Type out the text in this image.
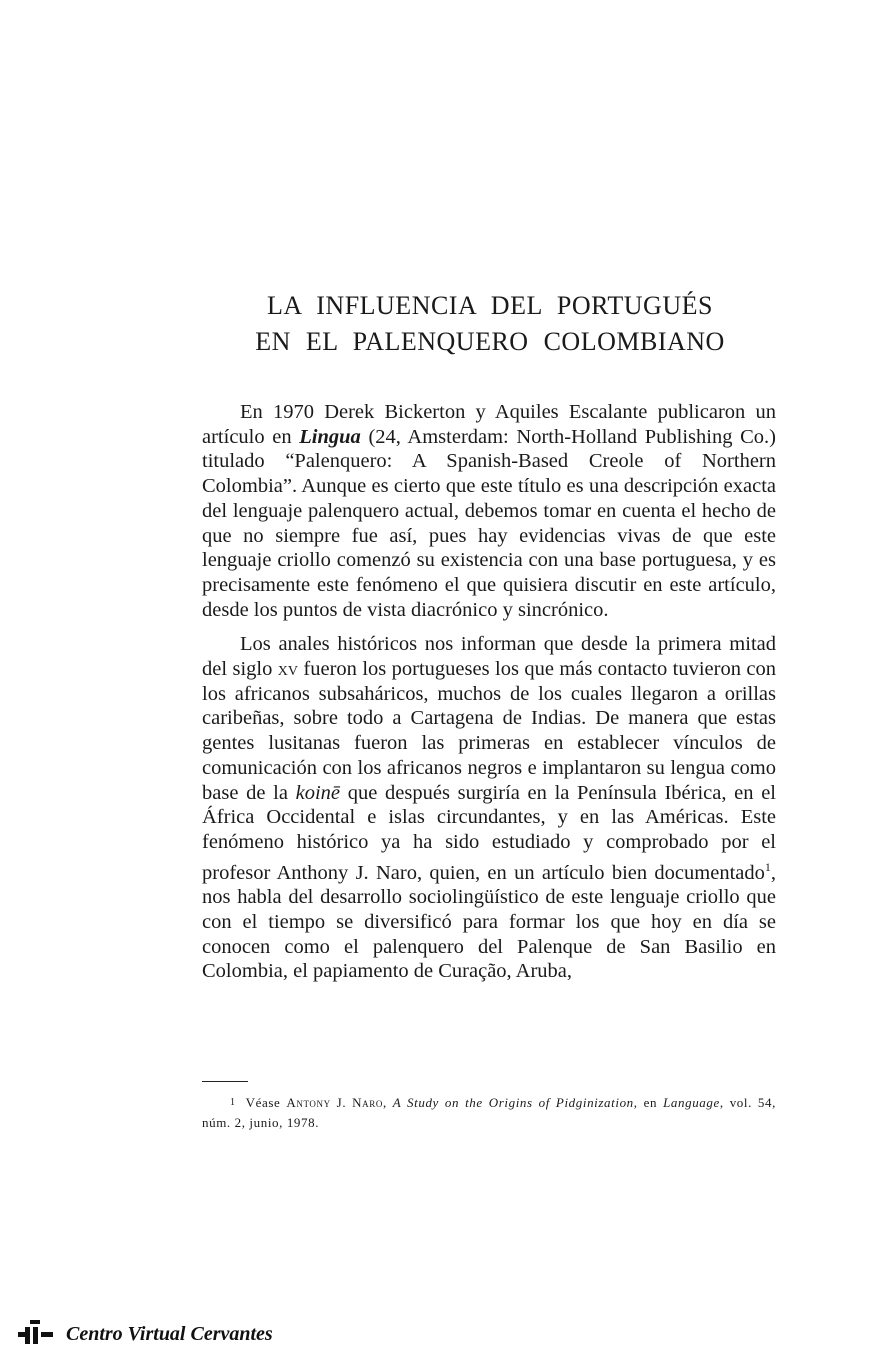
LA INFLUENCIA DEL PORTUGUÉS
EN EL PALENQUERO COLOMBIANO

En 1970 Derek Bickerton y Aquiles Escalante publicaron un artículo en Lingua (24, Amsterdam: North-Holland Publishing Co.) titulado “Palenquero: A Spanish-Based Creole of Northern Colombia”. Aunque es cierto que este título es una descripción exacta del lenguaje palenquero actual, debemos tomar en cuenta el hecho de que no siempre fue así, pues hay evidencias vivas de que este lenguaje criollo comenzó su existencia con una base portuguesa, y es precisamente este fenómeno el que quisiera discutir en este artículo, desde los puntos de vista diacrónico y sincrónico.

Los anales históricos nos informan que desde la primera mitad del siglo xv fueron los portugueses los que más contacto tuvieron con los africanos subsaháricos, muchos de los cuales llegaron a orillas caribeñas, sobre todo a Cartagena de Indias. De manera que estas gentes lusitanas fueron las primeras en establecer vínculos de comunicación con los africanos negros e implantaron su lengua como base de la koinē que después surgiría en la Península Ibérica, en el África Occidental e islas circundantes, y en las Américas. Este fenómeno histórico ya ha sido estudiado y comprobado por el profesor Anthony J. Naro, quien, en un artículo bien documentado$^1$, nos habla del desarrollo sociolingüístico de este lenguaje criollo que con el tiempo se diversificó para formar los que hoy en día se conocen como el palenquero del Palenque de San Basilio en Colombia, el papiamento de Curação, Aruba,

$^1$ Véase Antony J. Naro, A Study on the Origins of Pidginization, en Language, vol. 54, núm. 2, junio, 1978.
Centro Virtual Cervantes
